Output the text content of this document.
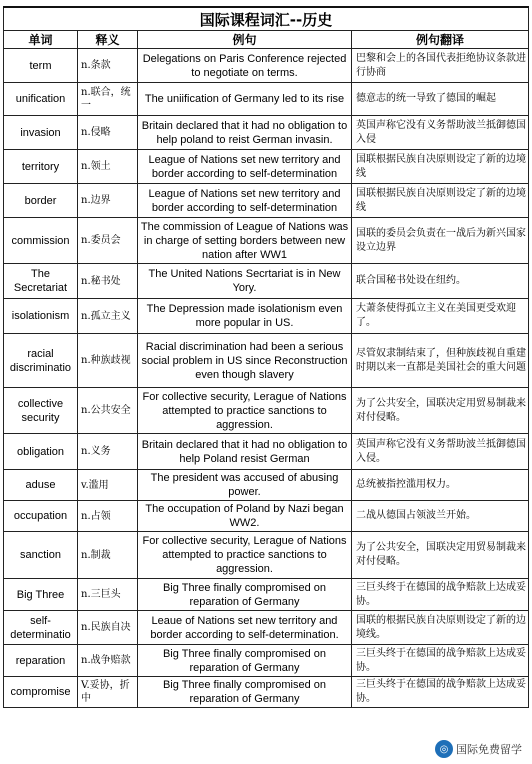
国际课程词汇--历史			
单词	释义	例句	例句翻译
term	n.条款	Delegations on Paris Conference rejected to negotiate on terms.	巴黎和会上的各国代表拒绝协议条款进行协商
unification	n.联合，统一	The uniification of Germany led to its rise	德意志的统一导致了德国的崛起
invasion	n.侵略	Britain declared that it had no obligation to help poland to reist German invasin.	英国声称它没有义务帮助波兰抵御德国入侵
territory	n.领土	League of Nations set new territory and border according to self-determination	国联根据民族自决原则设定了新的边境线
border	n.边界	League of Nations set new territory and border according to self-determination	国联根据民族自决原则设定了新的边境线
commission	n.委员会	The commission of League of Nations was in charge of setting borders between new nation after WW1	国联的委员会负责在一战后为新兴国家设立边界
The Secretariat	n.秘书处	The United Nations Secrtariat is in New Yory.	联合国秘书处设在纽约。
isolationism	n.孤立主义	The Depression made isolationism even more popular in US.	大萧条使得孤立主义在美国更受欢迎了。
racial discriminatio	n.种族歧视	Racial discrimination had been a serious social problem in US since Reconstruction even though slavery	尽管奴隶制结束了，但种族歧视自重建时期以来一直都是美国社会的重大问题
collective security	n.公共安全	For collective security, Lerague of Nations attempted to practice sanctions to aggression.	为了公共安全，国联决定用贸易制裁来对付侵略。
obligation	n.义务	Britain declared that it had no obligation to help Poland resist German	英国声称它没有义务帮助波兰抵御德国入侵。
aduse	v.滥用	The president was accused of abusing power.	总统被指控滥用权力。
occupation	n.占领	The occupation of Poland by Nazi began WW2.	二战从德国占领波兰开始。
sanction	n.制裁	For collective security, Lerague of Nations attempted to practice sanctions to aggression.	为了公共安全，国联决定用贸易制裁来对付侵略。
Big Three	n.三巨头	Big Three finally compromised on reparation of Germany	三巨头终于在德国的战争赔款上达成妥协。
self-determinatio	n.民族自决	Leaue of Nations set new territory and border according to self-determination.	国联的根据民族自决原则设定了新的边境线。
reparation	n.战争赔款	Big Three finally compromised on reparation of Germany	三巨头终于在德国的战争赔款上达成妥协。
compromise	V.妥协，折中	Big Three finally compromised on reparation of Germany	三巨头终于在德国的战争赔款上达成妥协。
◎ 国际免费留学
